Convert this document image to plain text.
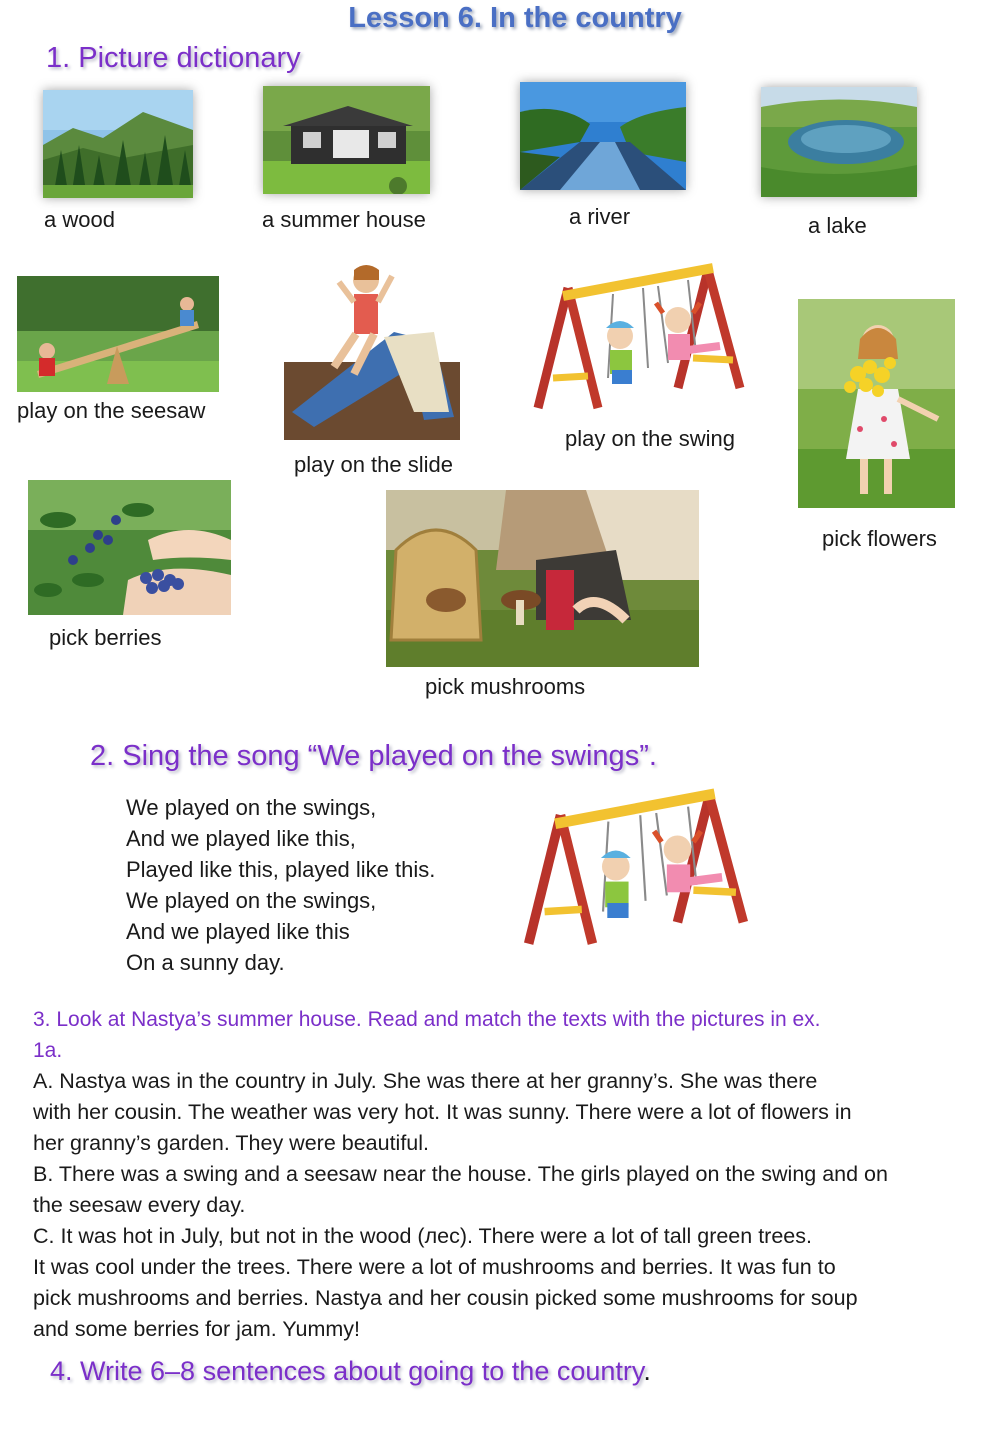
Lesson 6. In the country
1. Picture dictionary
a wood	a summer house	a river	a lake
play on the seesaw
play on the slide
play on the swing
pick flowers
pick berries
pick mushrooms
2. Sing the song “We played on the swings”.
We played on the swings,
And we played like this,
Played like this, played like this.
We played on the swings,
And we played like this
On a sunny day.
3. Look at Nastya’s summer house. Read and match the texts with the pictures in ex.
1a.
A. Nastya was in the country in July. She was there at her granny’s. She was there
with her cousin. The weather was very hot. It was sunny. There were a lot of flowers in
her granny’s garden. They were beautiful.
B. There was a swing and a seesaw near the house. The girls played on the swing and on
the seesaw every day.
C. It was hot in July, but not in the wood (лес). There were a lot of tall green trees.
It was cool under the trees. There were a lot of mushrooms and berries. It was fun to
pick mushrooms and berries. Nastya and her cousin picked some mushrooms for soup
and some berries for jam. Yummy!
4. Write 6–8 sentences about going to the country.
